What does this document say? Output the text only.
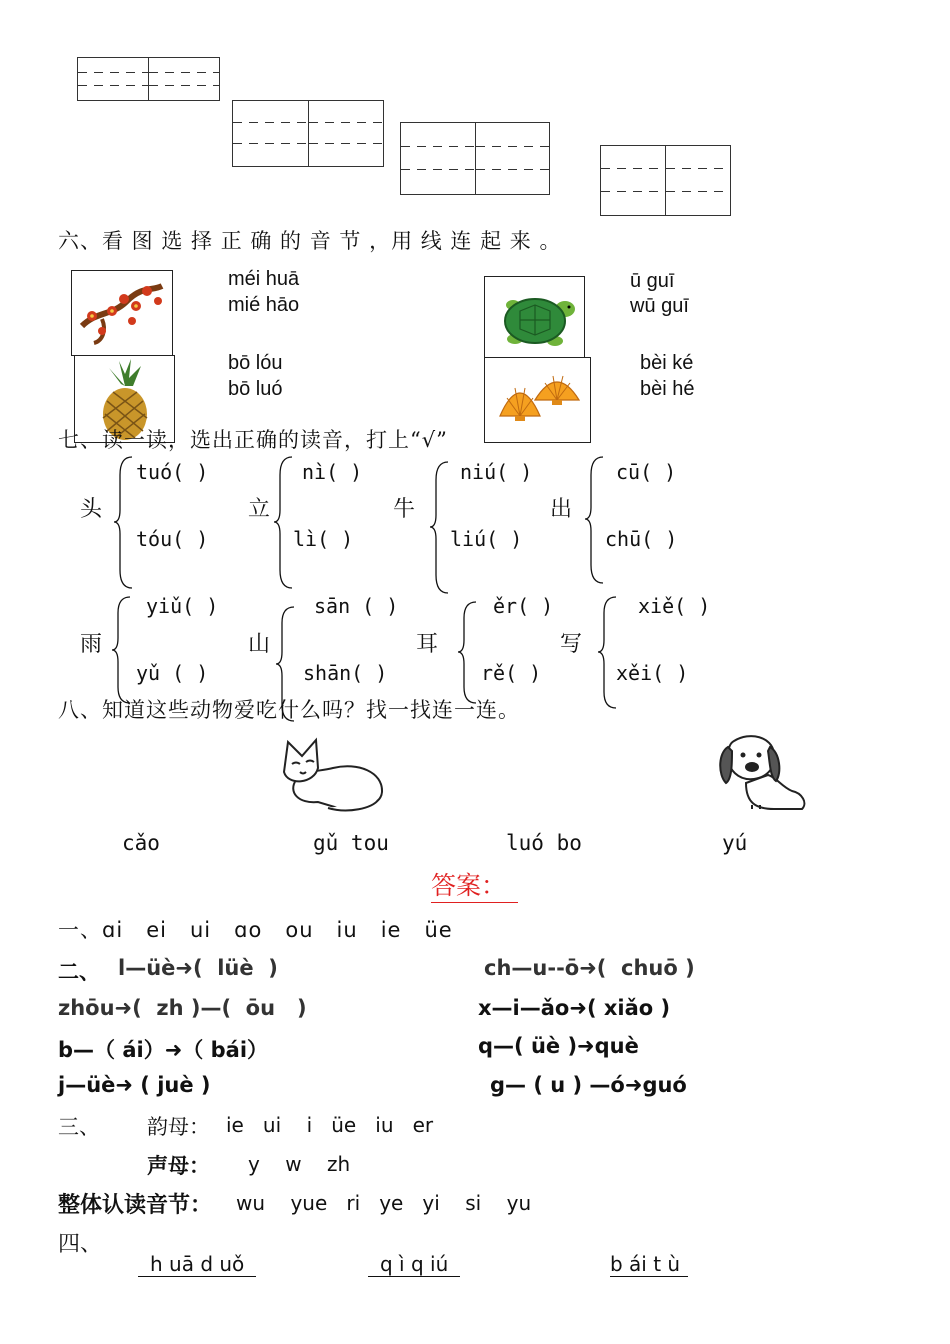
六、看 图 选 择 正 确 的 音 节 ，用 线 连 起 来 。
méi huā
mié hāo
bō lóu
bō luó
ū guī
wū guī
bèi ké
bèi hé
七、读一读，选出正确的读音，打上“√”
头
tuó( )
tóu( )
立
nì( )
lì( )
牛
niú( )
liú( )
出
cū( )
chū( )
雨
yiǔ( )
yǔ ( )
山
sān ( )
shān( )
耳
ěr( )
rě( )
写
xiě( )
xěi( )
八、知道这些动物爱吃什么吗？找一找连一连。
cǎo	gǔ tou	luó bo	yú
答案：
一、ɑi   ei   ui   ɑo   ou   iu   ie   üe
二、 l—üè➜(  lüè  )	ch—u--ō➜(  chuō )
zhōu➜(  zh )—(  ōu   )	x—i—ǎo➜( xiǎo )
b—（ ái）➜（ bái）	q—( üè )➜què
j—üè➜ ( juè )	g— ( u ) —ó➜guó
三、 韵母： ie   ui    i   üe   iu   er
声母： y    w    zh
整体认读音节： wu    yue   ri   ye   yi    si    yu
四、
h uā d uǒ	q ì q iú	b ái t ù
